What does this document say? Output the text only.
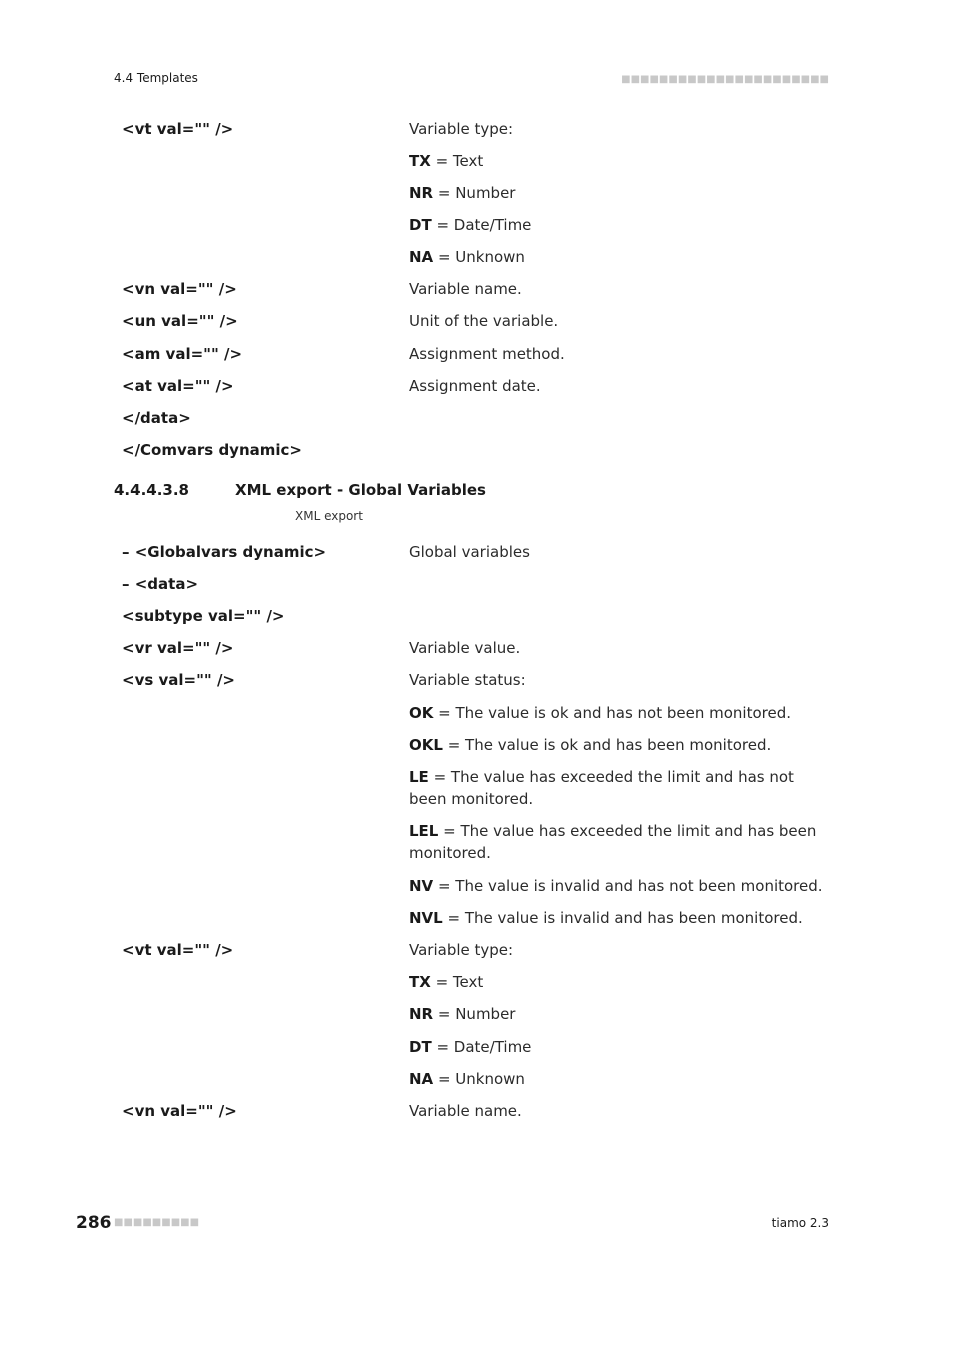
4.4 Templates	■■■■■■■■■■■■■■■■■■■■■■
<vt val="" />	Variable type:
TX = Text
NR = Number
DT = Date/Time
NA = Unknown
<vn val="" />	Variable name.
<un val="" />	Unit of the variable.
<am val="" />	Assignment method.
<at val="" />	Assignment date.
</data>
</Comvars dynamic>
4.4.4.3.8	XML export - Global Variables
XML export
– <Globalvars dynamic>	Global variables
– <data>
<subtype val="" />
<vr val="" />	Variable value.
<vs val="" />	Variable status:
OK = The value is ok and has not been monitored.
OKL = The value is ok and has been monitored.
LE = The value has exceeded the limit and has not been monitored.
LEL = The value has exceeded the limit and has been monitored.
NV = The value is invalid and has not been monitored.
NVL = The value is invalid and has been monitored.
<vt val="" />	Variable type:
TX = Text
NR = Number
DT = Date/Time
NA = Unknown
<vn val="" />	Variable name.
286 ■■■■■■■■■	tiamo 2.3
